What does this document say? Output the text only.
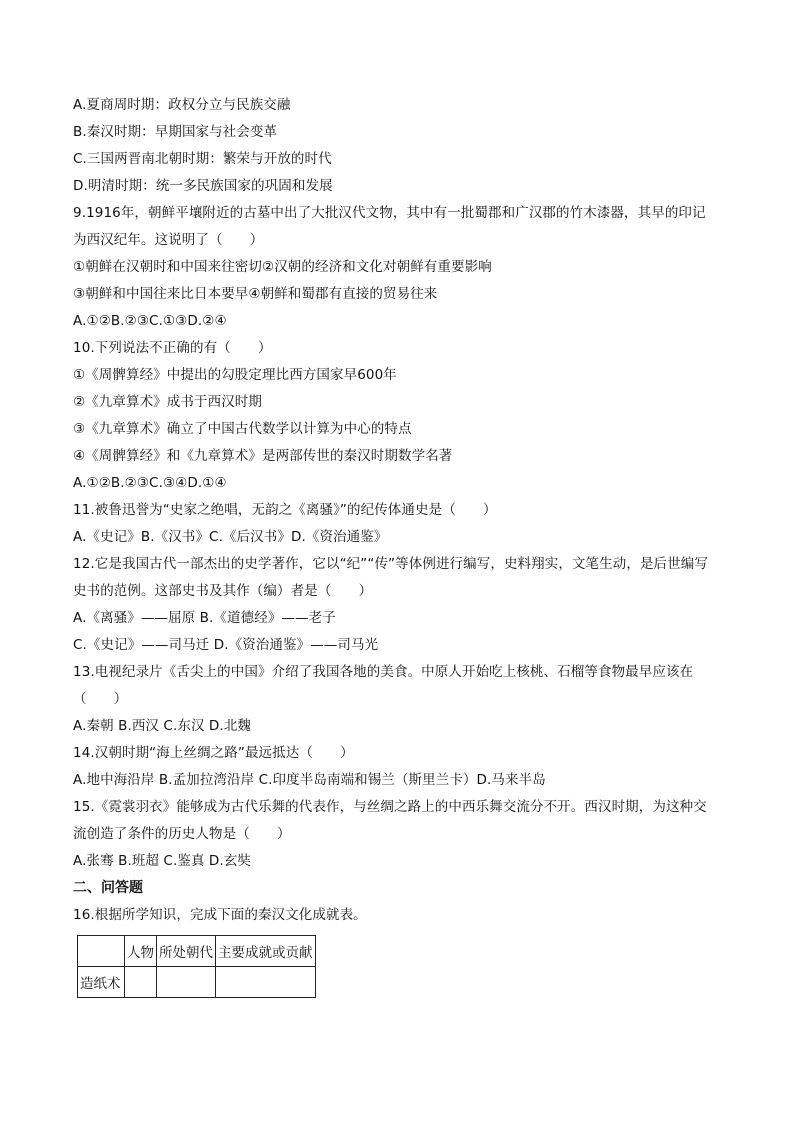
A.夏商周时期：政权分立与民族交融
B.秦汉时期：早期国家与社会变革
C.三国两晋南北朝时期：繁荣与开放的时代
D.明清时期：统一多民族国家的巩固和发展
9.1916年，朝鲜平壤附近的古墓中出了大批汉代文物，其中有一批蜀郡和广汉郡的竹木漆器，其早的印记
为西汉纪年。这说明了（　　）
①朝鲜在汉朝时和中国来往密切②汉朝的经济和文化对朝鲜有重要影响
③朝鲜和中国往来比日本要早④朝鲜和蜀郡有直接的贸易往来
A.①②B.②③C.①③D.②④
10.下列说法不正确的有（　　）
①《周髀算经》中提出的勾股定理比西方国家早600年
②《九章算术》成书于西汉时期
③《九章算术》确立了中国古代数学以计算为中心的特点
④《周髀算经》和《九章算术》是两部传世的秦汉时期数学名著
A.①②B.②③C.③④D.①④
11.被鲁迅誉为“史家之绝唱，无韵之《离骚》”的纪传体通史是（　　）
A.《史记》B.《汉书》C.《后汉书》D.《资治通鉴》
12.它是我国古代一部杰出的史学著作，它以“纪”“传”等体例进行编写，史料翔实，文笔生动，是后世编写
史书的范例。这部史书及其作（编）者是（　　）
A.《离骚》——屈原 B.《道德经》——老子
C.《史记》——司马迁 D.《资治通鉴》——司马光
13.电视纪录片《舌尖上的中国》介绍了我国各地的美食。中原人开始吃上核桃、石榴等食物最早应该在
（　　）
A.秦朝 B.西汉 C.东汉 D.北魏
14.汉朝时期“海上丝绸之路”最远抵达（　　）
A.地中海沿岸 B.孟加拉湾沿岸 C.印度半岛南端和锡兰（斯里兰卡）D.马来半岛
15.《霓裳羽衣》能够成为古代乐舞的代表作，与丝绸之路上的中西乐舞交流分不开。西汉时期，为这种交
流创造了条件的历史人物是（　　）
A.张骞 B.班超 C.鉴真 D.玄奘
二、问答题
16.根据所学知识，完成下面的秦汉文化成就表。
	人物	所处朝代	主要成就或贡献
造纸术			
